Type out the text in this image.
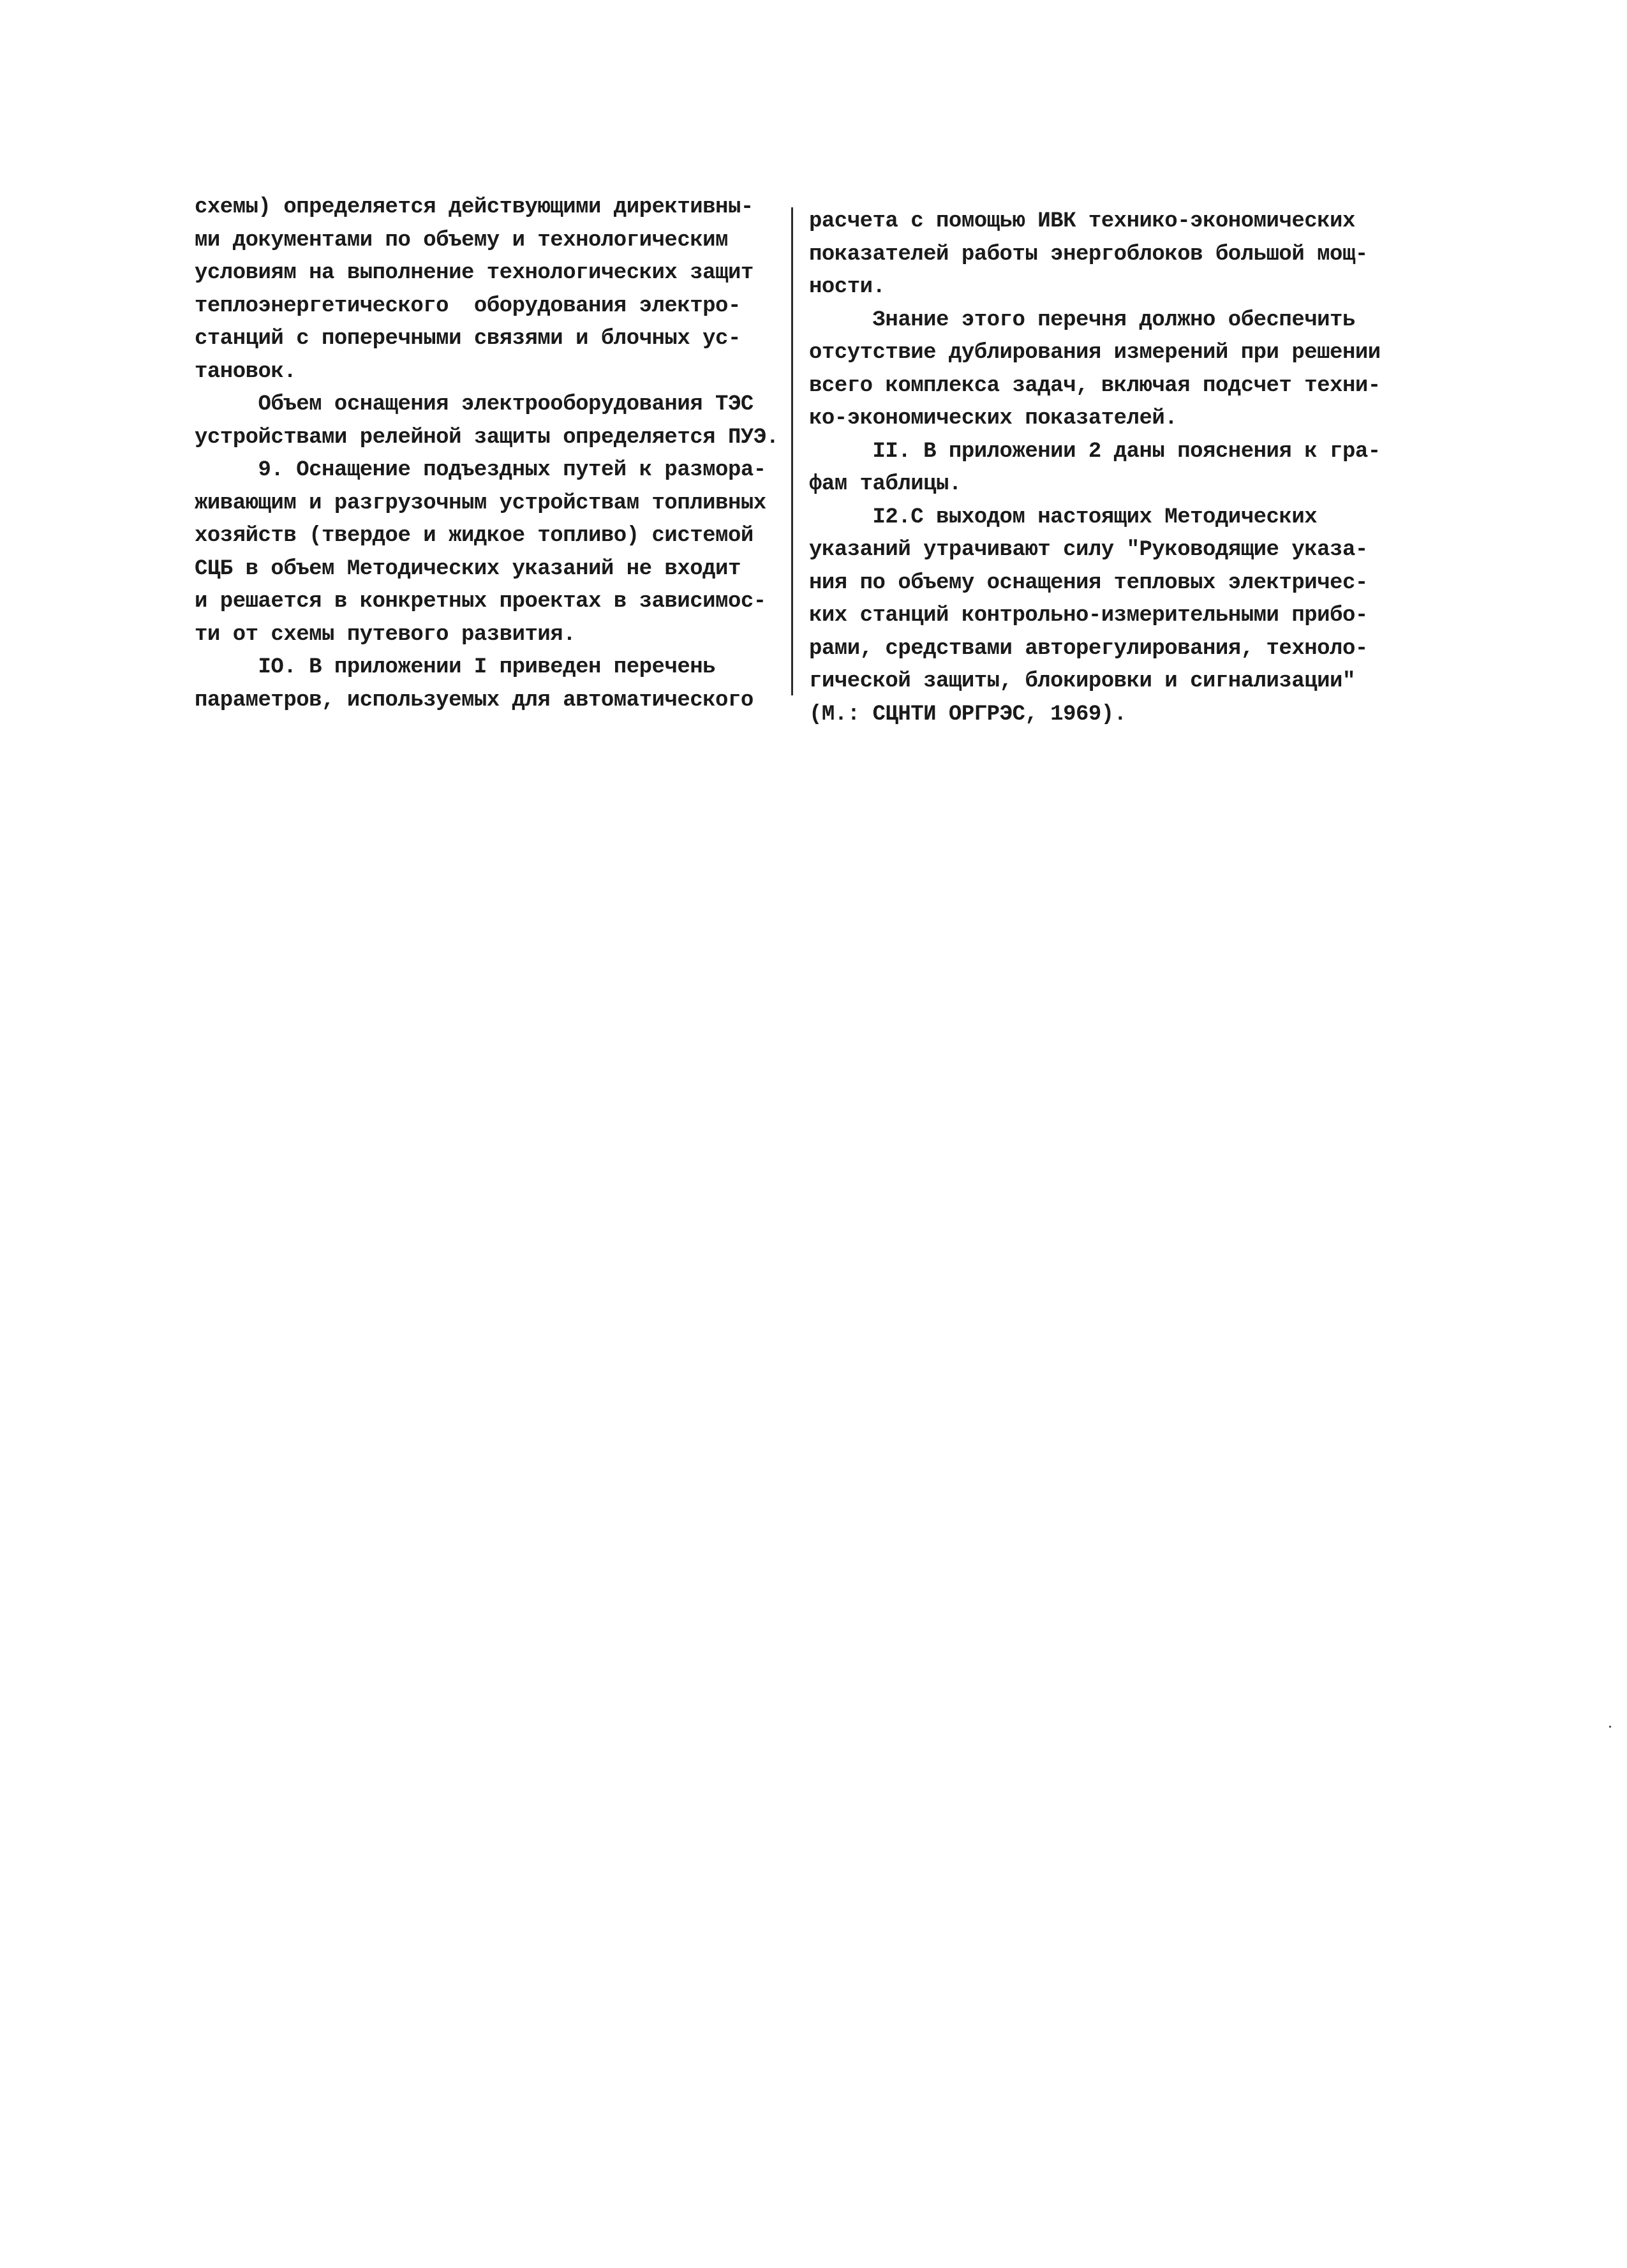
схемы) определяется действующими директивны-
ми документами по объему и технологическим
условиям на выполнение технологических защит
теплоэнергетического  оборудования электро-
станций с поперечными связями и блочных ус-
тановок.
Объем оснащения электрооборудования ТЭС
устройствами релейной защиты определяется ПУЭ.
9. Оснащение подъездных путей к размора-
живающим и разгрузочным устройствам топливных
хозяйств (твердое и жидкое топливо) системой
СЦБ в объем Методических указаний не входит
и решается в конкретных проектах в зависимос-
ти от схемы путевого развития.
IO. В приложении I приведен перечень
параметров, используемых для автоматического
расчета с помощью ИВК технико-экономических
показателей работы энергоблоков большой мощ-
ности.
Знание этого перечня должно обеспечить
отсутствие дублирования измерений при решении
всего комплекса задач, включая подсчет техни-
ко-экономических показателей.
II. В приложении 2 даны пояснения к гра-
фам таблицы.
I2.С выходом настоящих Методических
указаний утрачивают силу "Руководящие указа-
ния по объему оснащения тепловых электричес-
ких станций контрольно-измерительными прибо-
рами, средствами авторегулирования, техноло-
гической защиты, блокировки и сигнализации"
(М.: СЦНТИ ОРГРЭС, 1969).
